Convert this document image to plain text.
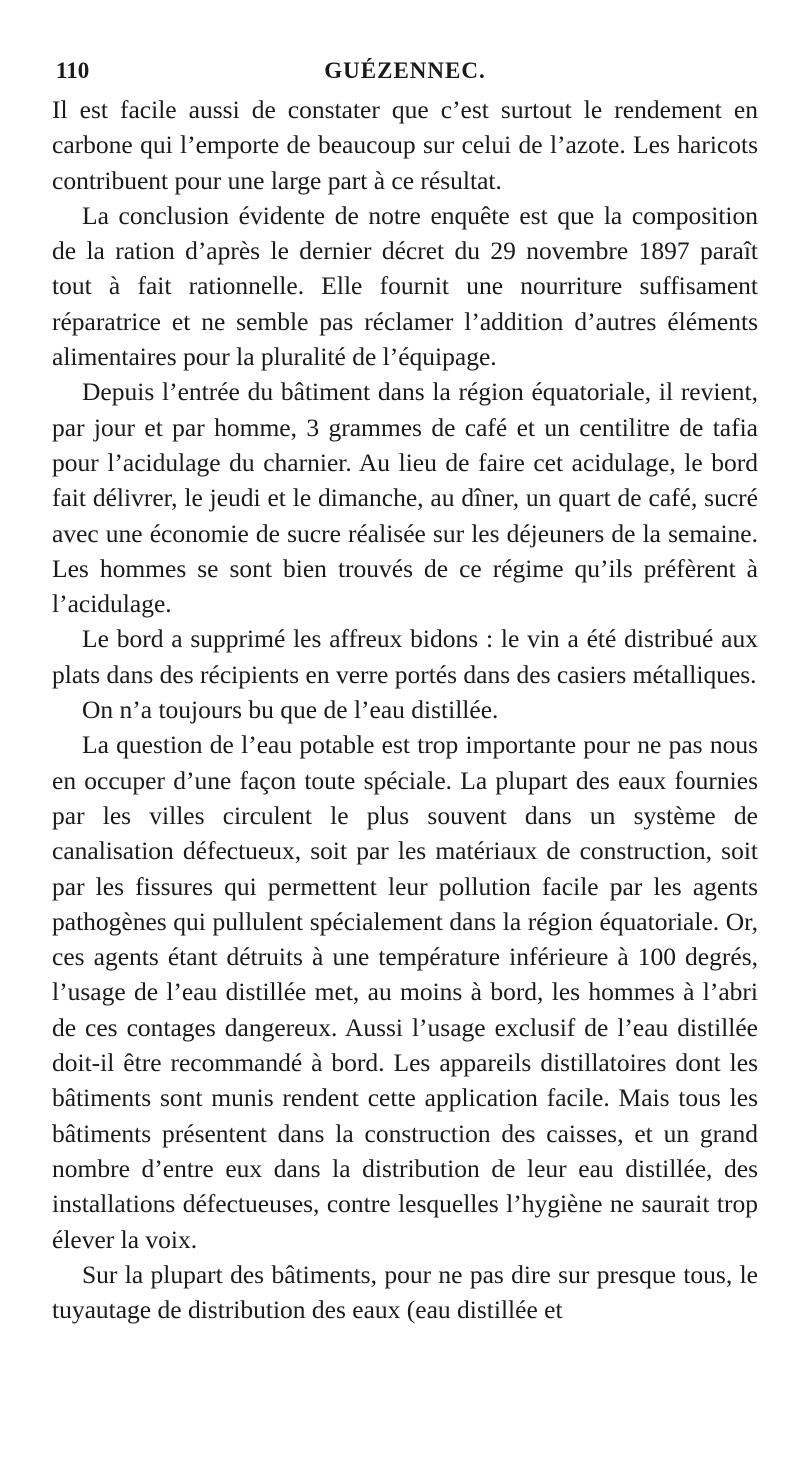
110	GUÉZENNEC.

Il est facile aussi de constater que c’est surtout le rendement en carbone qui l’emporte de beaucoup sur celui de l’azote. Les haricots contribuent pour une large part à ce résultat.

La conclusion évidente de notre enquête est que la composition de la ration d’après le dernier décret du 29 novembre 1897 paraît tout à fait rationnelle. Elle fournit une nourriture suffisament réparatrice et ne semble pas réclamer l’addition d’autres éléments alimentaires pour la pluralité de l’équipage.

Depuis l’entrée du bâtiment dans la région équatoriale, il revient, par jour et par homme, 3 grammes de café et un centilitre de tafia pour l’acidulage du charnier. Au lieu de faire cet acidulage, le bord fait délivrer, le jeudi et le dimanche, au dîner, un quart de café, sucré avec une économie de sucre réalisée sur les déjeuners de la semaine. Les hommes se sont bien trouvés de ce régime qu’ils préfèrent à l’acidulage.

Le bord a supprimé les affreux bidons : le vin a été distribué aux plats dans des récipients en verre portés dans des casiers métalliques.

On n’a toujours bu que de l’eau distillée.

La question de l’eau potable est trop importante pour ne pas nous en occuper d’une façon toute spéciale. La plupart des eaux fournies par les villes circulent le plus souvent dans un système de canalisation défectueux, soit par les matériaux de construction, soit par les fissures qui permettent leur pollution facile par les agents pathogènes qui pullulent spécialement dans la région équatoriale. Or, ces agents étant détruits à une température inférieure à 100 degrés, l’usage de l’eau distillée met, au moins à bord, les hommes à l’abri de ces contages dangereux. Aussi l’usage exclusif de l’eau distillée doit-il être recommandé à bord. Les appareils distillatoires dont les bâtiments sont munis rendent cette application facile. Mais tous les bâtiments présentent dans la construction des caisses, et un grand nombre d’entre eux dans la distribution de leur eau distillée, des installations défectueuses, contre lesquelles l’hygiène ne saurait trop élever la voix.

Sur la plupart des bâtiments, pour ne pas dire sur presque tous, le tuyautage de distribution des eaux (eau distillée et
